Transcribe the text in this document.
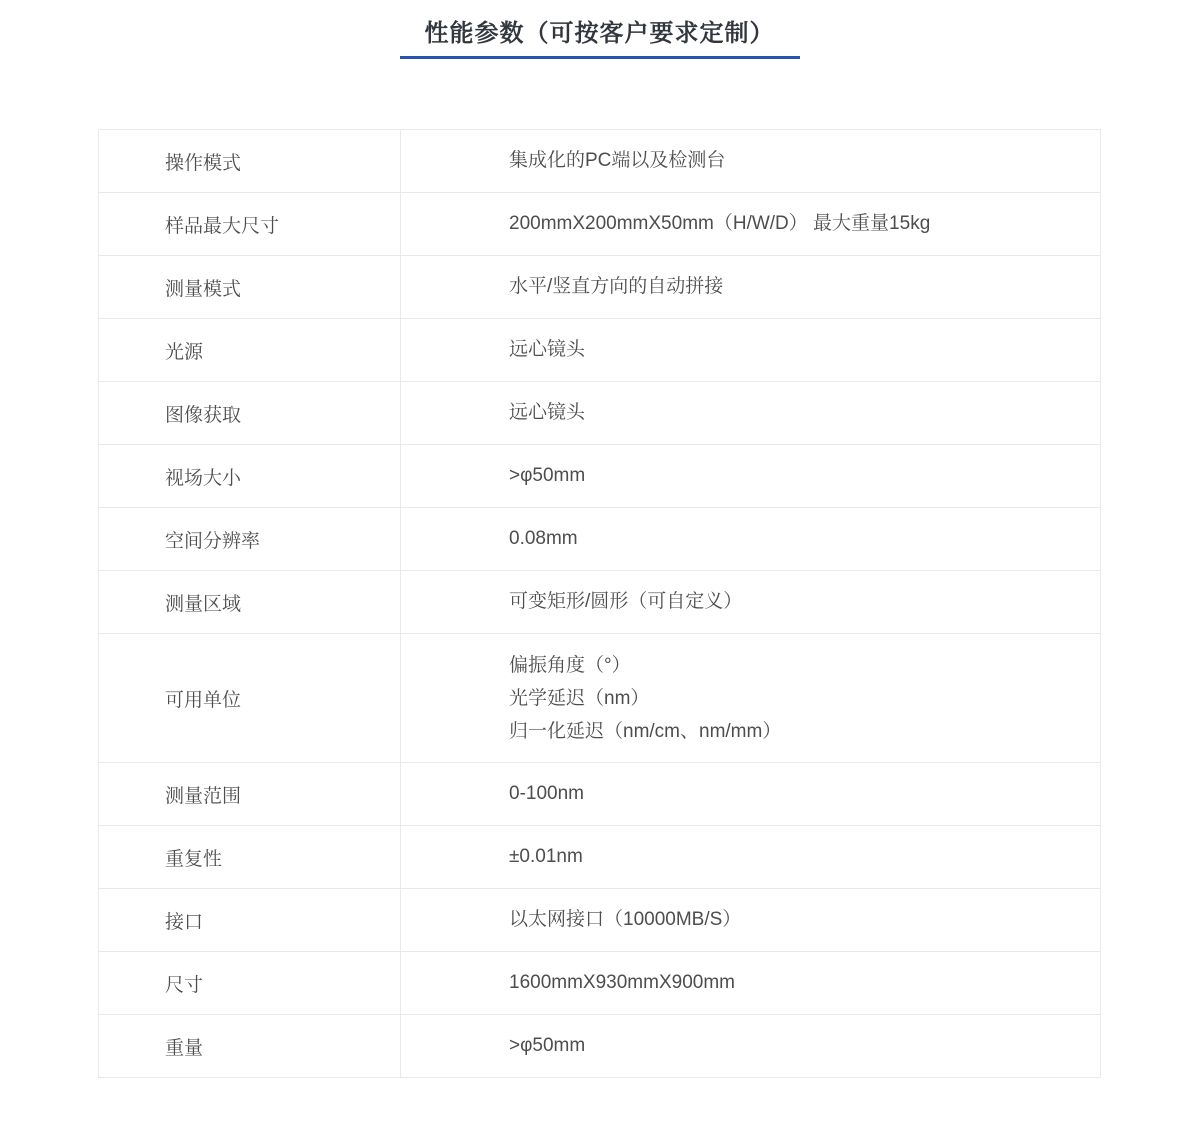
性能参数（可按客户要求定制）
操作模式	集成化的PC端以及检测台

样品最大尺寸	200mmX200mmX50mm（H/W/D） 最大重量15kg

测量模式	水平/竖直方向的自动拼接

光源	远心镜头

图像获取	远心镜头

视场大小	>φ50mm

空间分辨率	0.08mm

测量区域	可变矩形/圆形（可自定义）

可用单位	偏振角度（°）
光学延迟（nm）
归一化延迟（nm/cm、nm/mm）

测量范围	0-100nm

重复性	±0.01nm

接口	以太网接口（10000MB/S）

尺寸	1600mmX930mmX900mm

重量	>φ50mm
